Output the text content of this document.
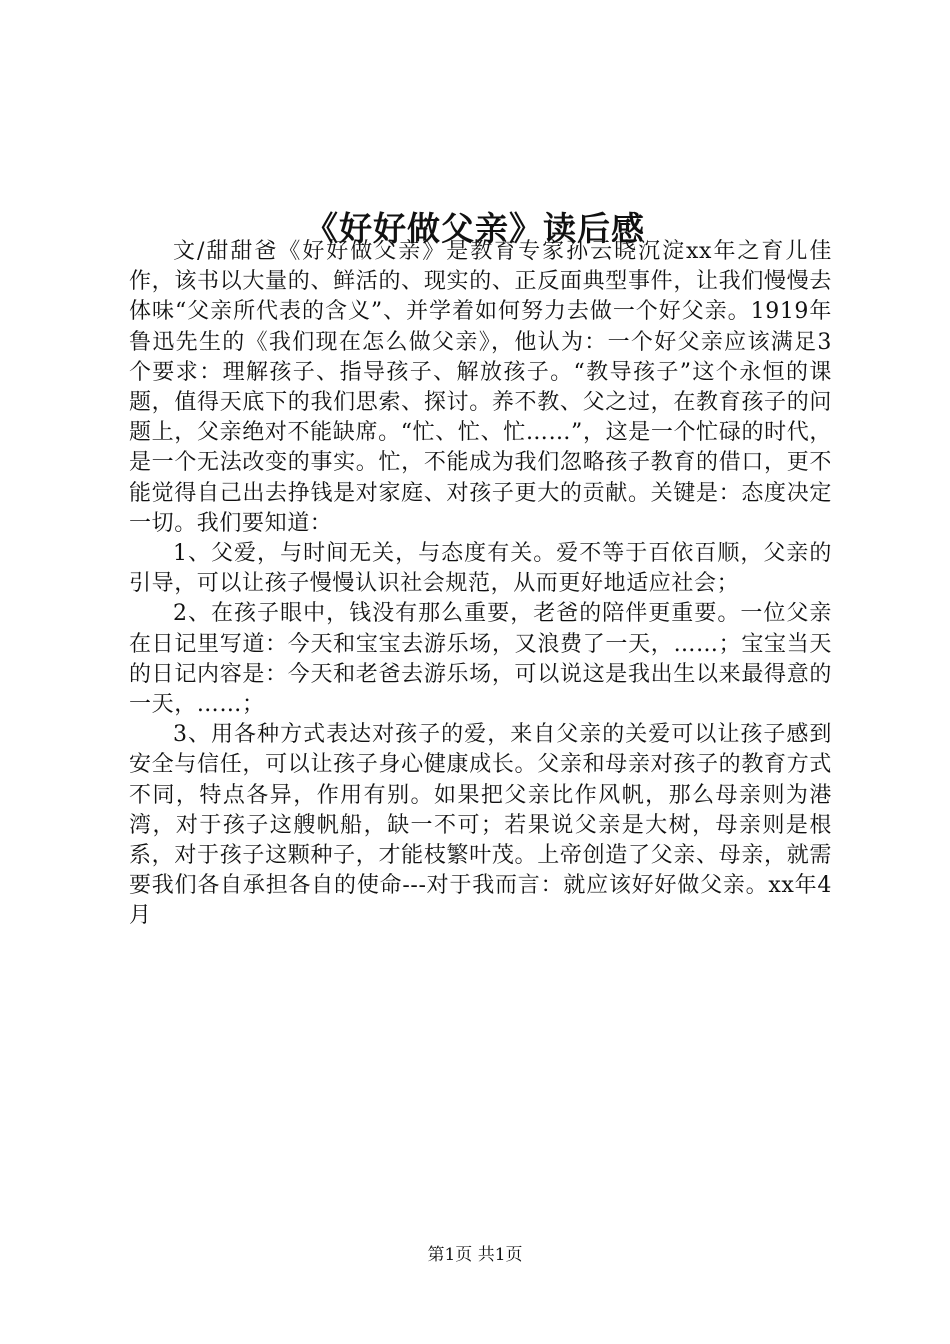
《好好做父亲》读后感

文/甜甜爸《好好做父亲》是教育专家孙云晓沉淀xx年之育儿佳作，该书以大量的、鲜活的、现实的、正反面典型事件，让我们慢慢去体味“父亲所代表的含义”、并学着如何努力去做一个好父亲。1919年鲁迅先生的《我们现在怎么做父亲》，他认为：一个好父亲应该满足3个要求：理解孩子、指导孩子、解放孩子。“教导孩子”这个永恒的课题，值得天底下的我们思索、探讨。养不教、父之过，在教育孩子的问题上，父亲绝对不能缺席。“忙、忙、忙……”，这是一个忙碌的时代，是一个无法改变的事实。忙，不能成为我们忽略孩子教育的借口，更不能觉得自己出去挣钱是对家庭、对孩子更大的贡献。关键是：态度决定一切。我们要知道：

1、父爱，与时间无关，与态度有关。爱不等于百依百顺，父亲的引导，可以让孩子慢慢认识社会规范，从而更好地适应社会；

2、在孩子眼中，钱没有那么重要，老爸的陪伴更重要。一位父亲在日记里写道：今天和宝宝去游乐场，又浪费了一天，……；宝宝当天的日记内容是：今天和老爸去游乐场，可以说这是我出生以来最得意的一天，……；

3、用各种方式表达对孩子的爱，来自父亲的关爱可以让孩子感到安全与信任，可以让孩子身心健康成长。父亲和母亲对孩子的教育方式不同，特点各异，作用有别。如果把父亲比作风帆，那么母亲则为港湾，对于孩子这艘帆船，缺一不可；若果说父亲是大树，母亲则是根系，对于孩子这颗种子，才能枝繁叶茂。上帝创造了父亲、母亲，就需要我们各自承担各自的使命---对于我而言：就应该好好做父亲。xx年4月

第1页 共1页
